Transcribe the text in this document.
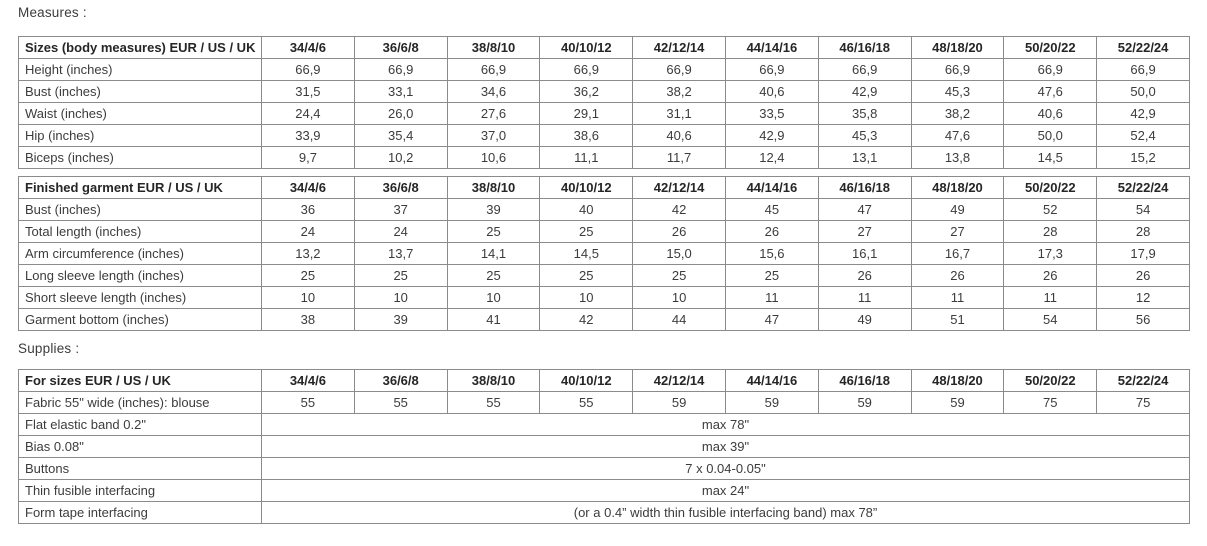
Measures :
Sizes (body measures) EUR / US / UK	34/4/6	36/6/8	38/8/10	40/10/12	42/12/14	44/14/16	46/16/18	48/18/20	50/20/22	52/22/24
Height (inches)	66,9	66,9	66,9	66,9	66,9	66,9	66,9	66,9	66,9	66,9
Bust (inches)	31,5	33,1	34,6	36,2	38,2	40,6	42,9	45,3	47,6	50,0
Waist (inches)	24,4	26,0	27,6	29,1	31,1	33,5	35,8	38,2	40,6	42,9
Hip (inches)	33,9	35,4	37,0	38,6	40,6	42,9	45,3	47,6	50,0	52,4
Biceps (inches)	9,7	10,2	10,6	11,1	11,7	12,4	13,1	13,8	14,5	15,2
Finished garment EUR / US / UK	34/4/6	36/6/8	38/8/10	40/10/12	42/12/14	44/14/16	46/16/18	48/18/20	50/20/22	52/22/24
Bust (inches)	36	37	39	40	42	45	47	49	52	54
Total length (inches)	24	24	25	25	26	26	27	27	28	28
Arm circumference (inches)	13,2	13,7	14,1	14,5	15,0	15,6	16,1	16,7	17,3	17,9
Long sleeve length (inches)	25	25	25	25	25	25	26	26	26	26
Short sleeve length (inches)	10	10	10	10	10	11	11	11	11	12
Garment bottom (inches)	38	39	41	42	44	47	49	51	54	56
Supplies :
For sizes EUR / US / UK	34/4/6	36/6/8	38/8/10	40/10/12	42/12/14	44/14/16	46/16/18	48/18/20	50/20/22	52/22/24
Fabric 55" wide (inches): blouse	55	55	55	55	59	59	59	59	75	75
Flat elastic band 0.2"	max 78"									
Bias 0.08"	max 39"									
Buttons	7 x 0.04-0.05"									
Thin fusible interfacing	max 24"									
Form tape interfacing	(or a 0.4” width thin fusible interfacing band) max 78”									
